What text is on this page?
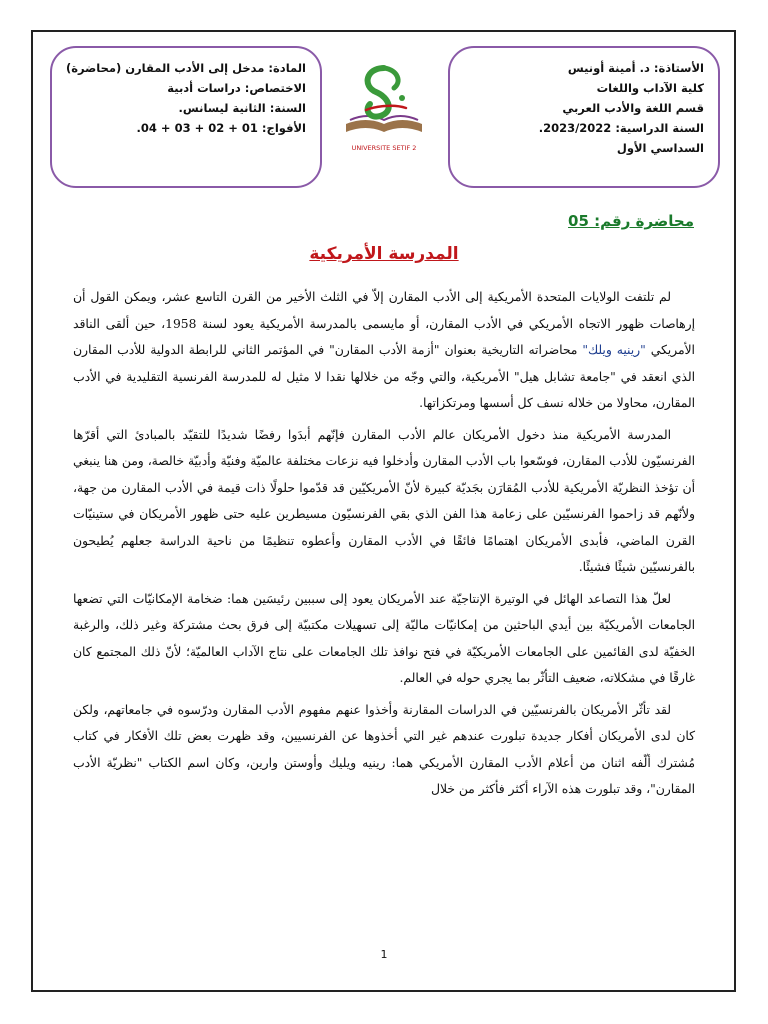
الأستاذة: د. أمينة أونيس
كلية الآداب واللغات
قسم اللغة والأدب العربي
السنة الدراسية: 2023/2022.
السداسي الأول
المادة: مدخل إلى الأدب المقارن (محاضرة)
الاختصاص: دراسات أدبية
السنة: الثانية ليسانس.
الأفواج: 01 + 02 + 03 + 04.
UNIVERSITE SETIF 2
محاضرة رقم: 05
المدرسة الأمريكية

لم تلتفت الولايات المتحدة الأمريكية إلى الأدب المقارن إلاّ في الثلث الأخير من القرن التاسع عشر، ويمكن القول أن إرهاصات ظهور الاتجاه الأمريكي في الأدب المقارن، أو مايسمى بالمدرسة الأمريكية يعود لسنة 1958، حين ألقى الناقد الأمريكي "رينيه ويلك" محاضراته التاريخية بعنوان "أزمة الأدب المقارن" في المؤتمر الثاني للرابطة الدولية للأدب المقارن الذي انعقد في "جامعة تشابل هيل" الأمريكية، والتي وجّه من خلالها نقدا لا مثيل له للمدرسة الفرنسية التقليدية في الأدب المقارن، محاولا من خلاله نسف كل أسسها ومرتكزاتها.

المدرسة الأمريكية منذ دخول الأمريكان عالم الأدب المقارن فإنّهم أبدَوا رفضًا شديدًا للتقيّد بالمبادئ التي أقرّها الفرنسيّون للأدب المقارن، فوسّعوا باب الأدب المقارن وأدخلوا فيه نزعات مختلفة عالميّة وفنيّة وأدبيّة خالصة، ومن هنا ينبغي أن تؤخذ النظريّة الأمريكية للأدب المُقارَن بجَديّة كبيرة لأنّ الأمريكيّين قد قدّموا حلولًا ذات قيمة في الأدب المقارن من جهة، ولأنّهم قد زاحموا الفرنسيّين على زعامة هذا الفن الذي بقي الفرنسيّون مسيطرين عليه حتى ظهور الأمريكان في ستينيّات القرن الماضي، فأبدى الأمريكان اهتمامًا فائقًا في الأدب المقارن وأعطوه تنظيمًا من ناحية الدراسة جعلهم يُطيحون بالفرنسيّين شيئًا فشيئًا.

لعلّ هذا التصاعد الهائل في الوتيرة الإنتاجيّة عند الأمريكان يعود إلى سببين رئيسَين هما: ضخامة الإمكانيّات التي تضعها الجامعات الأمريكيّة بين أيدي الباحثين من إمكانيّات ماليّة إلى تسهيلات مكتبيّة إلى فرق بحث مشتركة وغير ذلك، والرغبة الخفيّة لدى القائمين على الجامعات الأمريكيّة في فتح نوافذ تلك الجامعات على نتاج الآداب العالميّة؛ لأنّ ذلك المجتمع كان غارقًا في مشكلاته، ضعيف التأثّر بما يجري حوله في العالم.

لقد تأثّر الأمريكان بالفرنسيّين في الدراسات المقارنة وأخذوا عنهم مفهوم الأدب المقارن ودرّسوه في جامعاتهم، ولكن كان لدى الأمريكان أفكار جديدة تبلورت عندهم غير التي أخذوها عن الفرنسيين، وقد ظهرت بعض تلك الأفكار في كتاب مُشترك ألّفه اثنان من أعلام الأدب المقارن الأمريكي هما: رينيه ويليك وأوستن وارين، وكان اسم الكتاب "نظريّة الأدب المقارن"، وقد تبلورت هذه الآراء أكثر فأكثر من خلال

1
